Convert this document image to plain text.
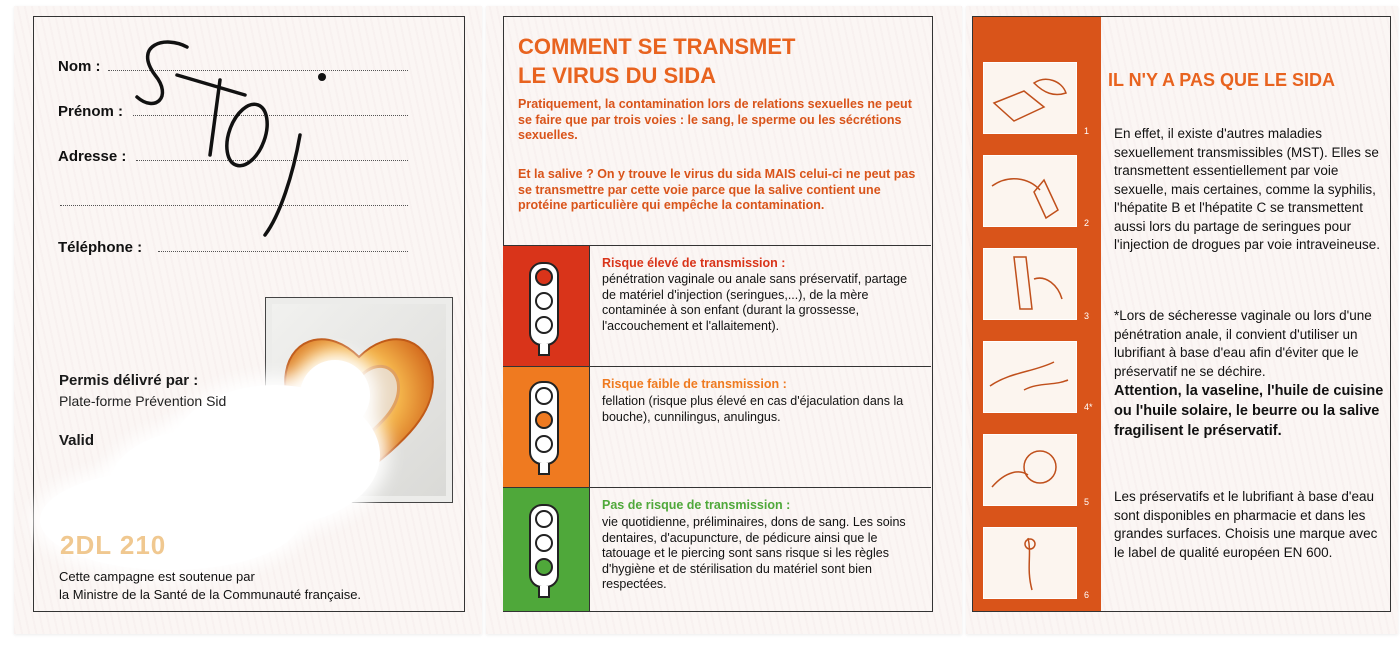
Nom :
Prénom :
Adresse :
Téléphone :
Permis délivré par :
Plate-forme Prévention Sid
Valid
2DL 210
Cette campagne est soutenue par
la Ministre de la Santé de la Communauté française.
COMMENT SE TRANSMET
LE VIRUS DU SIDA
Pratiquement, la contamination lors de relations sexuelles ne peut se faire que par trois voies : le sang, le sperme ou les sécrétions sexuelles.
Et la salive ? On y trouve le virus du sida MAIS celui-ci ne peut pas se transmettre par cette voie parce que la salive contient une protéine particulière qui empêche la contamination.
Risque élevé de transmission :
pénétration vaginale ou anale sans préservatif, partage de matériel d'injection (seringues,...), de la mère contaminée à son enfant (durant la grossesse, l'accouchement et l'allaitement).
Risque faible de transmission :
fellation (risque plus élevé en cas d'éjaculation dans la bouche), cunnilingus, anulingus.
Pas de risque de transmission :
vie quotidienne, préliminaires, dons de sang. Les soins dentaires, d'acupuncture, de pédicure ainsi que le tatouage et le piercing sont sans risque si les règles d'hygiène et de stérilisation du matériel sont bien respectées.
1
2
3
4*
5
6
IL N'Y A PAS QUE LE SIDA
En effet, il existe d'autres maladies sexuellement transmissibles (MST). Elles se transmettent essentiellement par voie sexuelle, mais certaines, comme la syphilis, l'hépatite B et l'hépatite C se transmettent aussi lors du partage de seringues pour l'injection de drogues par voie intraveineuse.
*Lors de sécheresse vaginale ou lors d'une pénétration anale, il convient d'utiliser un lubrifiant à base d'eau afin d'éviter que le préservatif ne se déchire.
Attention, la vaseline, l'huile de cuisine ou l'huile solaire, le beurre ou la salive fragilisent le préservatif.
Les préservatifs et le lubrifiant à base d'eau sont disponibles en pharmacie et dans les grandes surfaces. Choisis une marque avec le label de qualité européen EN 600.
